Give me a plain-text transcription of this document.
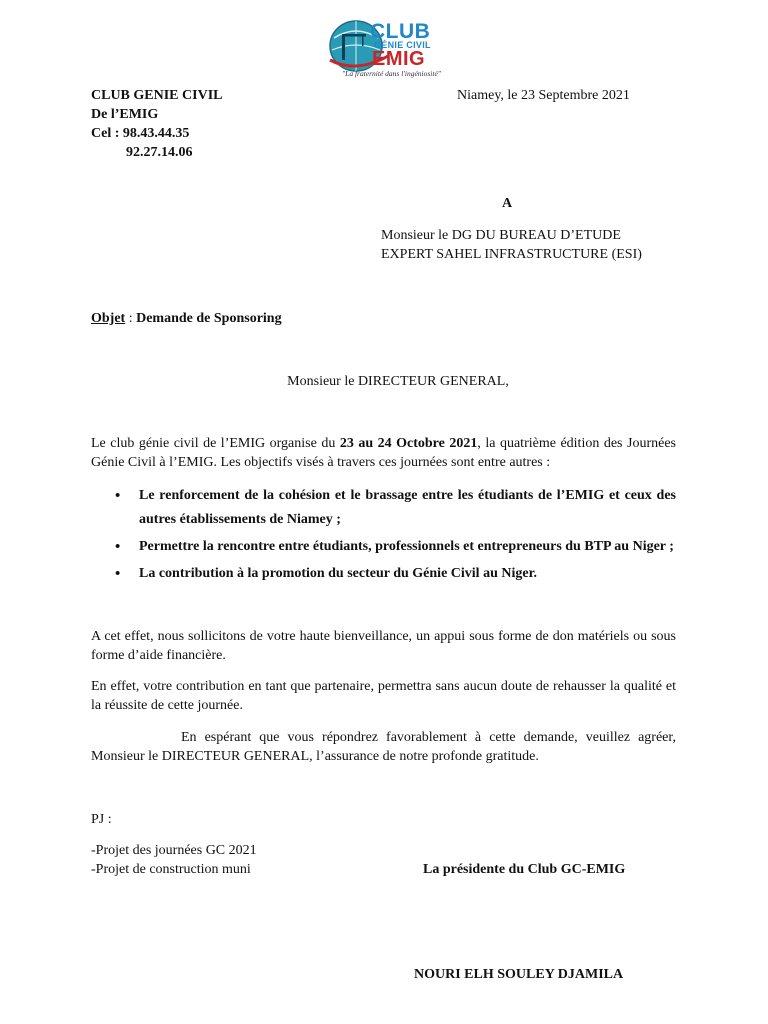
CLUB
GÉNIE CIVIL
EMIG
"La fraternité dans l'ingéniosité"
CLUB GENIE CIVIL
De l’EMIG
Cel : 98.43.44.35
92.27.14.06
Niamey, le 23 Septembre 2021
A
Monsieur le DG DU BUREAU D’ETUDE
EXPERT SAHEL INFRASTRUCTURE (ESI)
Objet : Demande de Sponsoring
Monsieur le DIRECTEUR GENERAL,
Le club génie civil de l’EMIG organise du 23 au 24 Octobre 2021, la quatrième édition des Journées Génie Civil à l’EMIG. Les objectifs visés à travers ces journées sont entre autres :
• Le renforcement de la cohésion et le brassage entre les étudiants de l’EMIG et ceux des autres établissements de Niamey ;
• Permettre la rencontre entre étudiants, professionnels et entrepreneurs du BTP au Niger ;
• La contribution à la promotion du secteur du Génie Civil au Niger.
A cet effet, nous sollicitons de votre haute bienveillance, un appui sous forme de don matériels ou sous forme d’aide financière.
En effet, votre contribution en tant que partenaire, permettra sans aucun doute de rehausser la qualité et la réussite de cette journée.
En espérant que vous répondrez favorablement à cette demande, veuillez agréer, Monsieur le DIRECTEUR GENERAL, l’assurance de notre profonde gratitude.
PJ :
-Projet des journées GC 2021
-Projet de construction muni	La présidente du Club GC-EMIG
NOURI ELH SOULEY DJAMILA
